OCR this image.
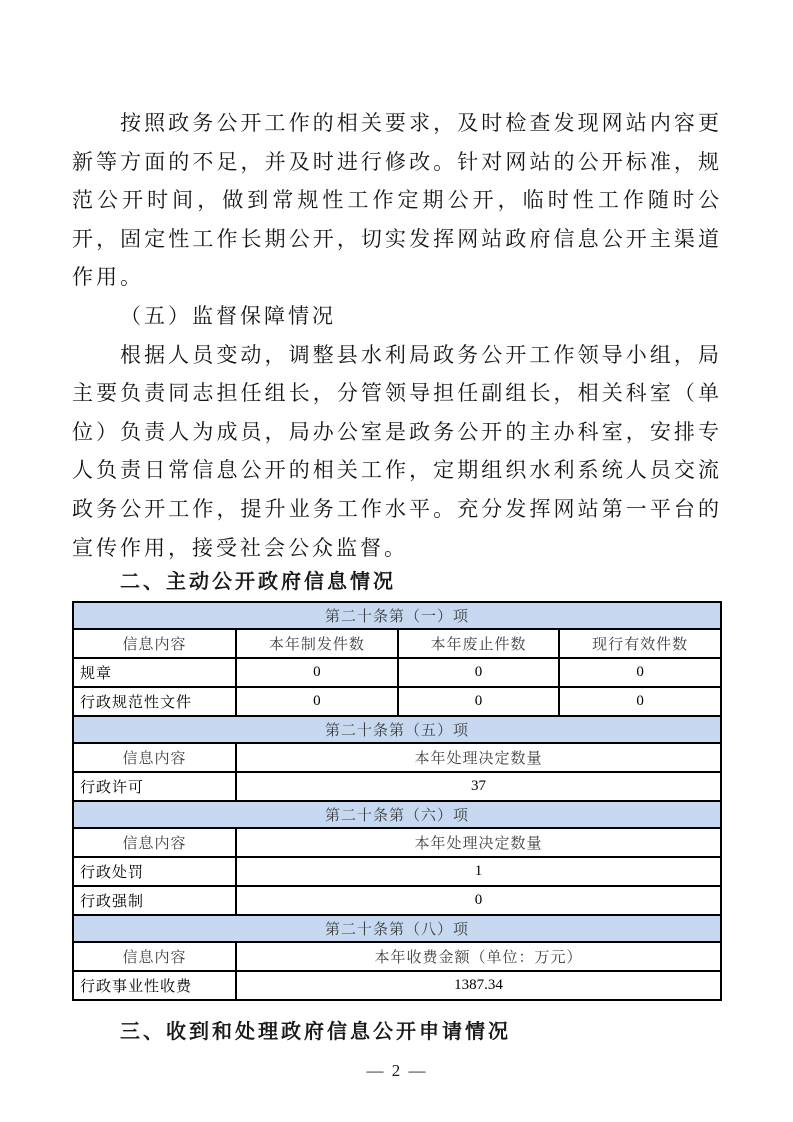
按照政务公开工作的相关要求，及时检查发现网站内容更新等方面的不足，并及时进行修改。针对网站的公开标准，规范公开时间，做到常规性工作定期公开，临时性工作随时公开，固定性工作长期公开，切实发挥网站政府信息公开主渠道作用。

（五）监督保障情况

根据人员变动，调整县水利局政务公开工作领导小组，局主要负责同志担任组长，分管领导担任副组长，相关科室（单位）负责人为成员，局办公室是政务公开的主办科室，安排专人负责日常信息公开的相关工作，定期组织水利系统人员交流政务公开工作，提升业务工作水平。充分发挥网站第一平台的宣传作用，接受社会公众监督。

二、主动公开政府信息情况
第二十条第（一）项			
信息内容	本年制发件数	本年废止件数	现行有效件数
规章	0	0	0
行政规范性文件	0	0	0
第二十条第（五）项			
信息内容	本年处理决定数量		
行政许可	37		
第二十条第（六）项			
信息内容	本年处理决定数量		
行政处罚	1		
行政强制	0		
第二十条第（八）项			
信息内容	本年收费金额（单位：万元）		
行政事业性收费	1387.34		
三、收到和处理政府信息公开申请情况
— 2 —
